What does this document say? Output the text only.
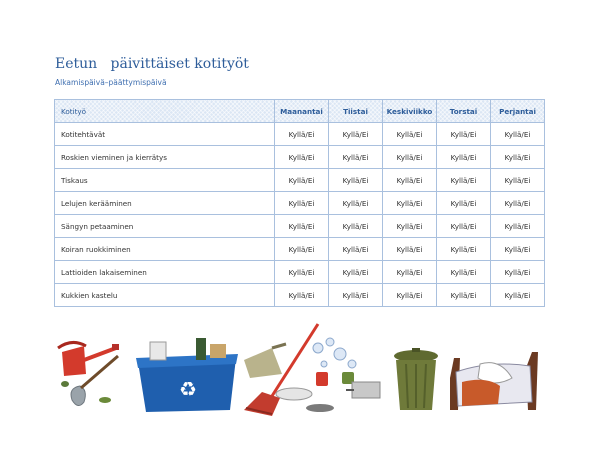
Eetun   päivittäiset kotityöt
Alkamispäivä–päättymispäivä
Kotityö	Maanantai	Tiistai	Keskiviikko	Torstai	Perjantai
Kotitehtävät	Kyllä/Ei	Kyllä/Ei	Kyllä/Ei	Kyllä/Ei	Kyllä/Ei
Roskien vieminen ja kierrätys	Kyllä/Ei	Kyllä/Ei	Kyllä/Ei	Kyllä/Ei	Kyllä/Ei
Tiskaus	Kyllä/Ei	Kyllä/Ei	Kyllä/Ei	Kyllä/Ei	Kyllä/Ei
Lelujen kerääminen	Kyllä/Ei	Kyllä/Ei	Kyllä/Ei	Kyllä/Ei	Kyllä/Ei
Sängyn petaaminen	Kyllä/Ei	Kyllä/Ei	Kyllä/Ei	Kyllä/Ei	Kyllä/Ei
Koiran ruokkiminen	Kyllä/Ei	Kyllä/Ei	Kyllä/Ei	Kyllä/Ei	Kyllä/Ei
Lattioiden lakaiseminen	Kyllä/Ei	Kyllä/Ei	Kyllä/Ei	Kyllä/Ei	Kyllä/Ei
Kukkien kastelu	Kyllä/Ei	Kyllä/Ei	Kyllä/Ei	Kyllä/Ei	Kyllä/Ei
♻
